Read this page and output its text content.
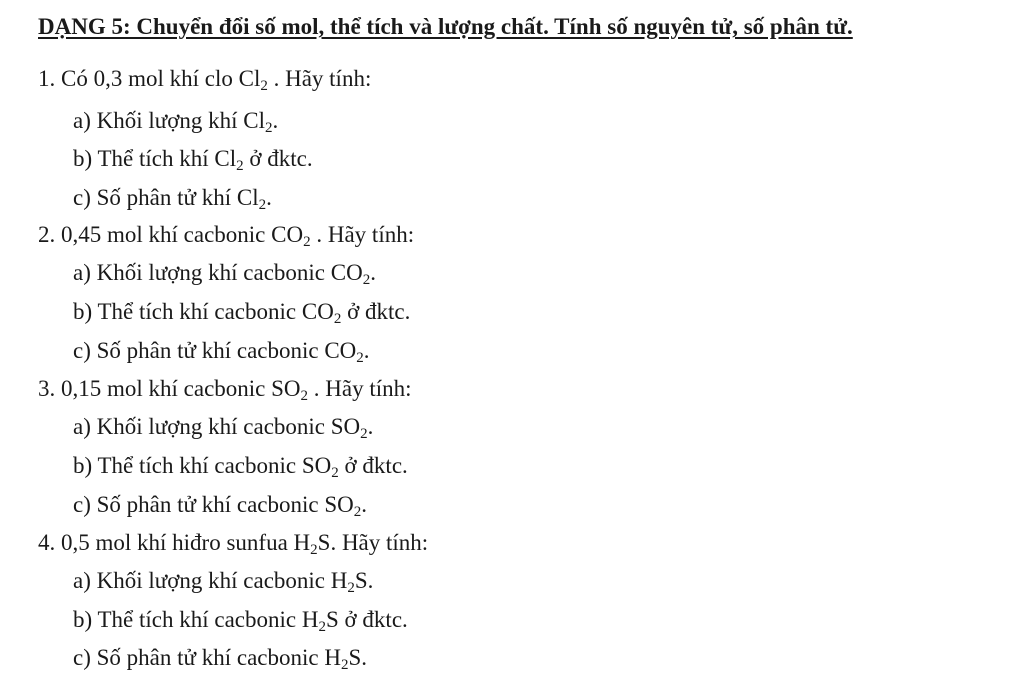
DẠNG 5: Chuyển đổi số mol, thể tích và lượng chất. Tính số nguyên tử, số phân tử.
1. Có 0,3 mol khí clo $Cl_2$ . Hãy tính:
a) Khối lượng khí $Cl_2$.
b) Thể tích khí $Cl_2$ ở đktc.
c) Số phân tử khí $Cl_2$.
2. 0,45 mol khí cacbonic $CO_2$ . Hãy tính:
a) Khối lượng khí cacbonic $CO_2$.
b) Thể tích khí cacbonic $CO_2$ ở đktc.
c) Số phân tử khí cacbonic $CO_2$.
3. 0,15 mol khí cacbonic $SO_2$ . Hãy tính:
a) Khối lượng khí cacbonic $SO_2$.
b) Thể tích khí cacbonic $SO_2$ ở đktc.
c) Số phân tử khí cacbonic $SO_2$.
4. 0,5 mol khí hiđro sunfua $H_2S$. Hãy tính:
a) Khối lượng khí cacbonic $H_2S$.
b) Thể tích khí cacbonic $H_2S$ ở đktc.
c) Số phân tử khí cacbonic $H_2S$.
